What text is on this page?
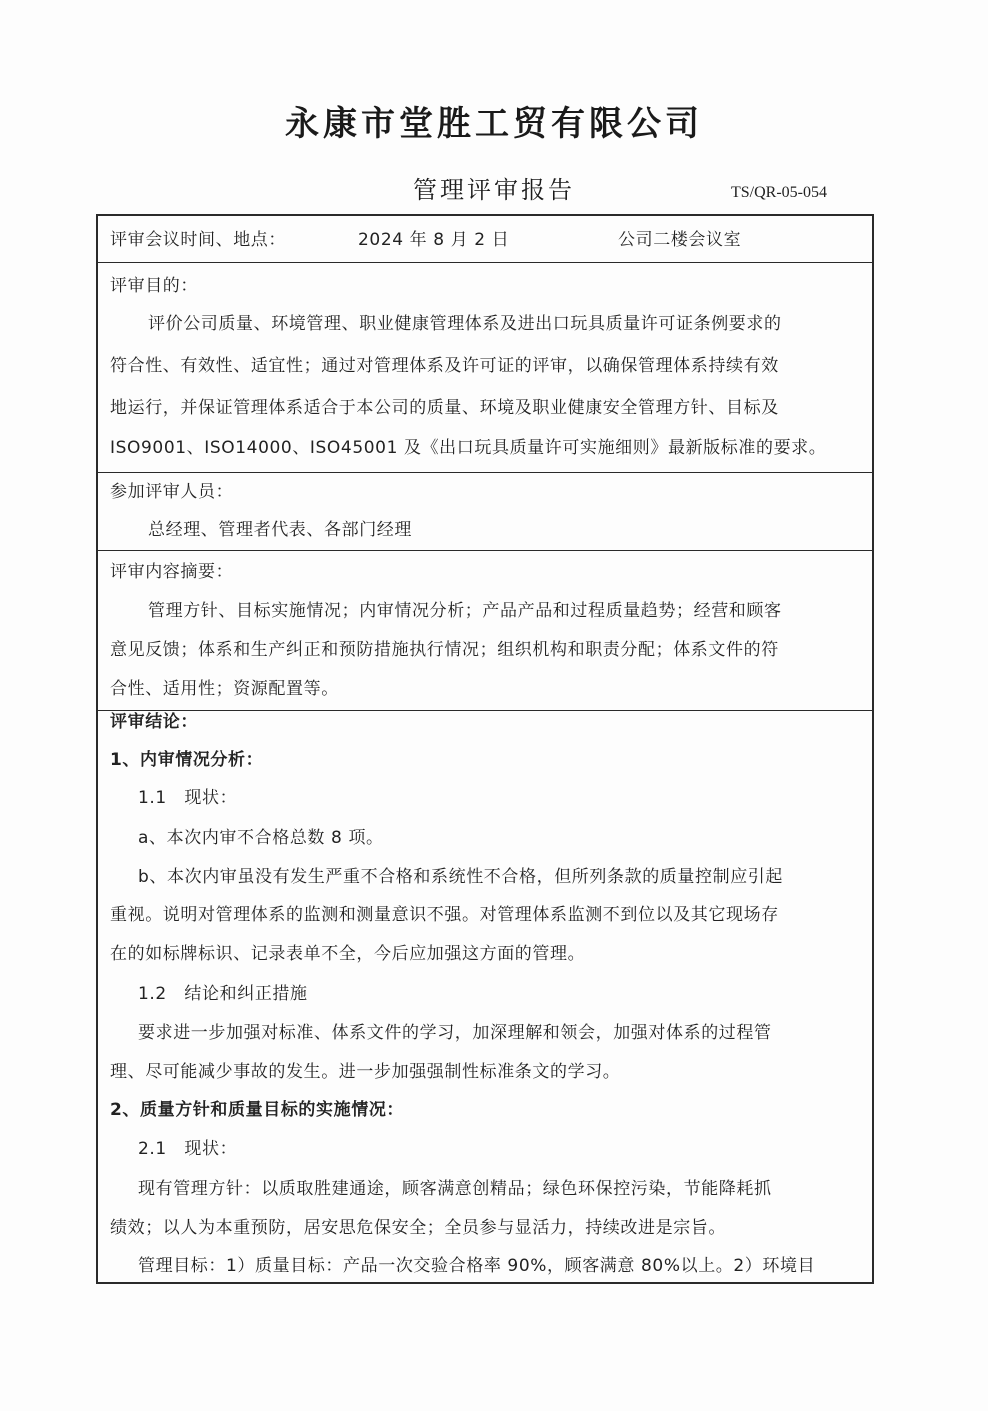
永康市堂胜工贸有限公司
管理评审报告	TS/QR-05-054
评审会议时间、地点：	2024 年 8 月 2 日	公司二楼会议室
评审目的：
评价公司质量、环境管理、职业健康管理体系及进出口玩具质量许可证条例要求的
符合性、有效性、适宜性；通过对管理体系及许可证的评审，以确保管理体系持续有效
地运行，并保证管理体系适合于本公司的质量、环境及职业健康安全管理方针、目标及
ISO9001、ISO14000、ISO45001 及《出口玩具质量许可实施细则》最新版标准的要求。
参加评审人员：
总经理、管理者代表、各部门经理
评审内容摘要：
管理方针、目标实施情况；内审情况分析；产品产品和过程质量趋势；经营和顾客
意见反馈；体系和生产纠正和预防措施执行情况；组织机构和职责分配；体系文件的符
合性、适用性；资源配置等。
评审结论：
1、内审情况分析：
1.1　现状：
a、本次内审不合格总数 8 项。
b、本次内审虽没有发生严重不合格和系统性不合格，但所列条款的质量控制应引起
重视。说明对管理体系的监测和测量意识不强。对管理体系监测不到位以及其它现场存
在的如标牌标识、记录表单不全，今后应加强这方面的管理。
1.2　结论和纠正措施
要求进一步加强对标准、体系文件的学习，加深理解和领会，加强对体系的过程管
理、尽可能减少事故的发生。进一步加强强制性标准条文的学习。
2、质量方针和质量目标的实施情况：
2.1　现状：
现有管理方针：以质取胜建通途，顾客满意创精品；绿色环保控污染，节能降耗抓
绩效；以人为本重预防，居安思危保安全；全员参与显活力，持续改进是宗旨。
管理目标：1）质量目标：产品一次交验合格率 90%，顾客满意 80%以上。2）环境目
